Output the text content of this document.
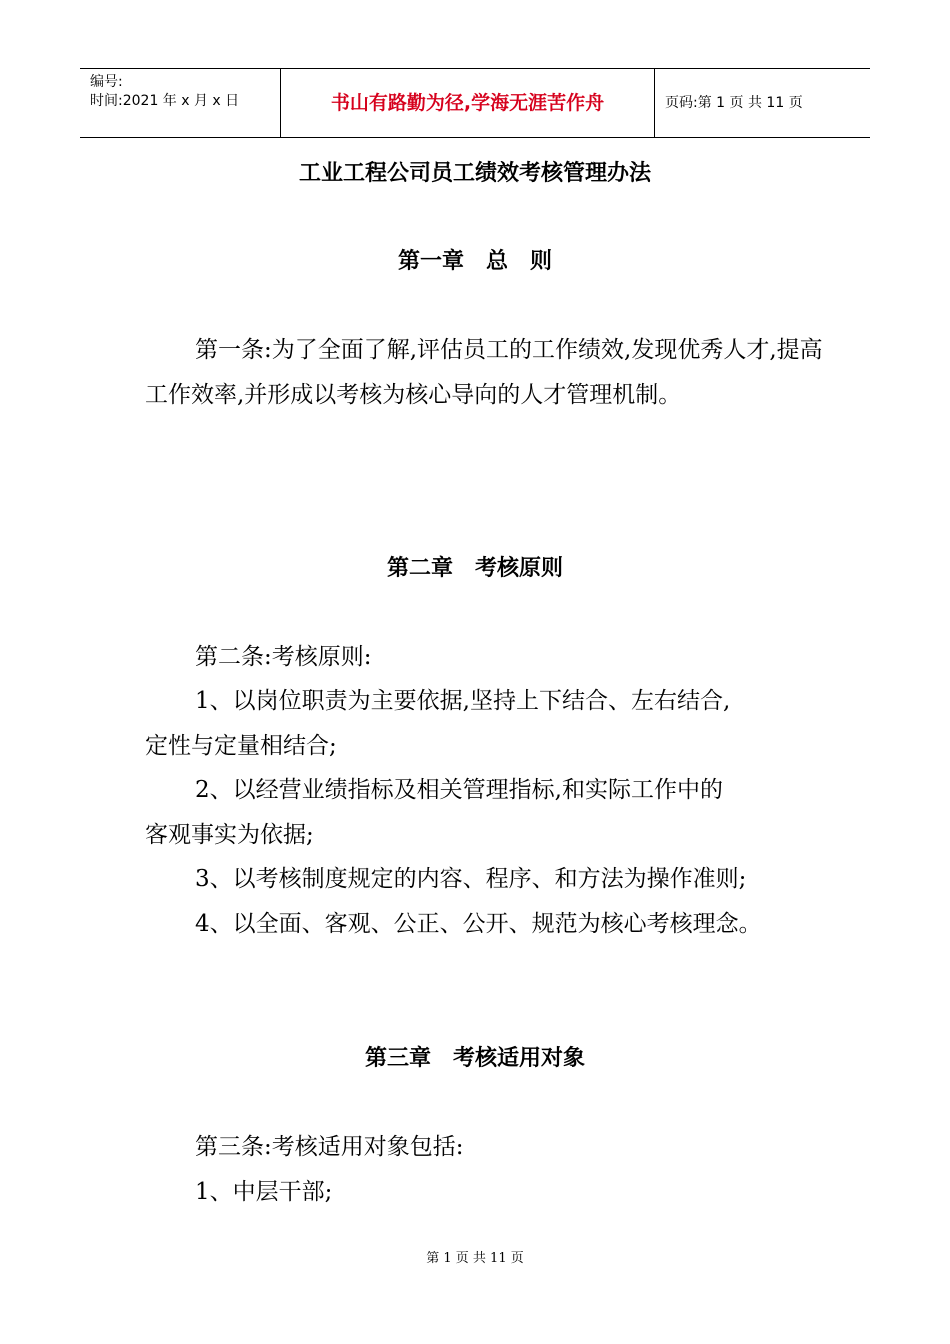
编号:
时间:2021 年 x 月 x 日	书山有路勤为径,学海无涯苦作舟	页码:第 1 页 共 11 页
工业工程公司员工绩效考核管理办法
第一章　总　则
第一条:为了全面了解,评估员工的工作绩效,发现优秀人才,提高工作效率,并形成以考核为核心导向的人才管理机制。
第二章　考核原则
第二条:考核原则:
1、以岗位职责为主要依据,坚持上下结合、左右结合,
定性与定量相结合;
2、以经营业绩指标及相关管理指标,和实际工作中的
客观事实为依据;
3、以考核制度规定的内容、程序、和方法为操作准则;
4、以全面、客观、公正、公开、规范为核心考核理念。
第三章　考核适用对象
第三条:考核适用对象包括:
1、中层干部;
第 1 页 共 11 页
